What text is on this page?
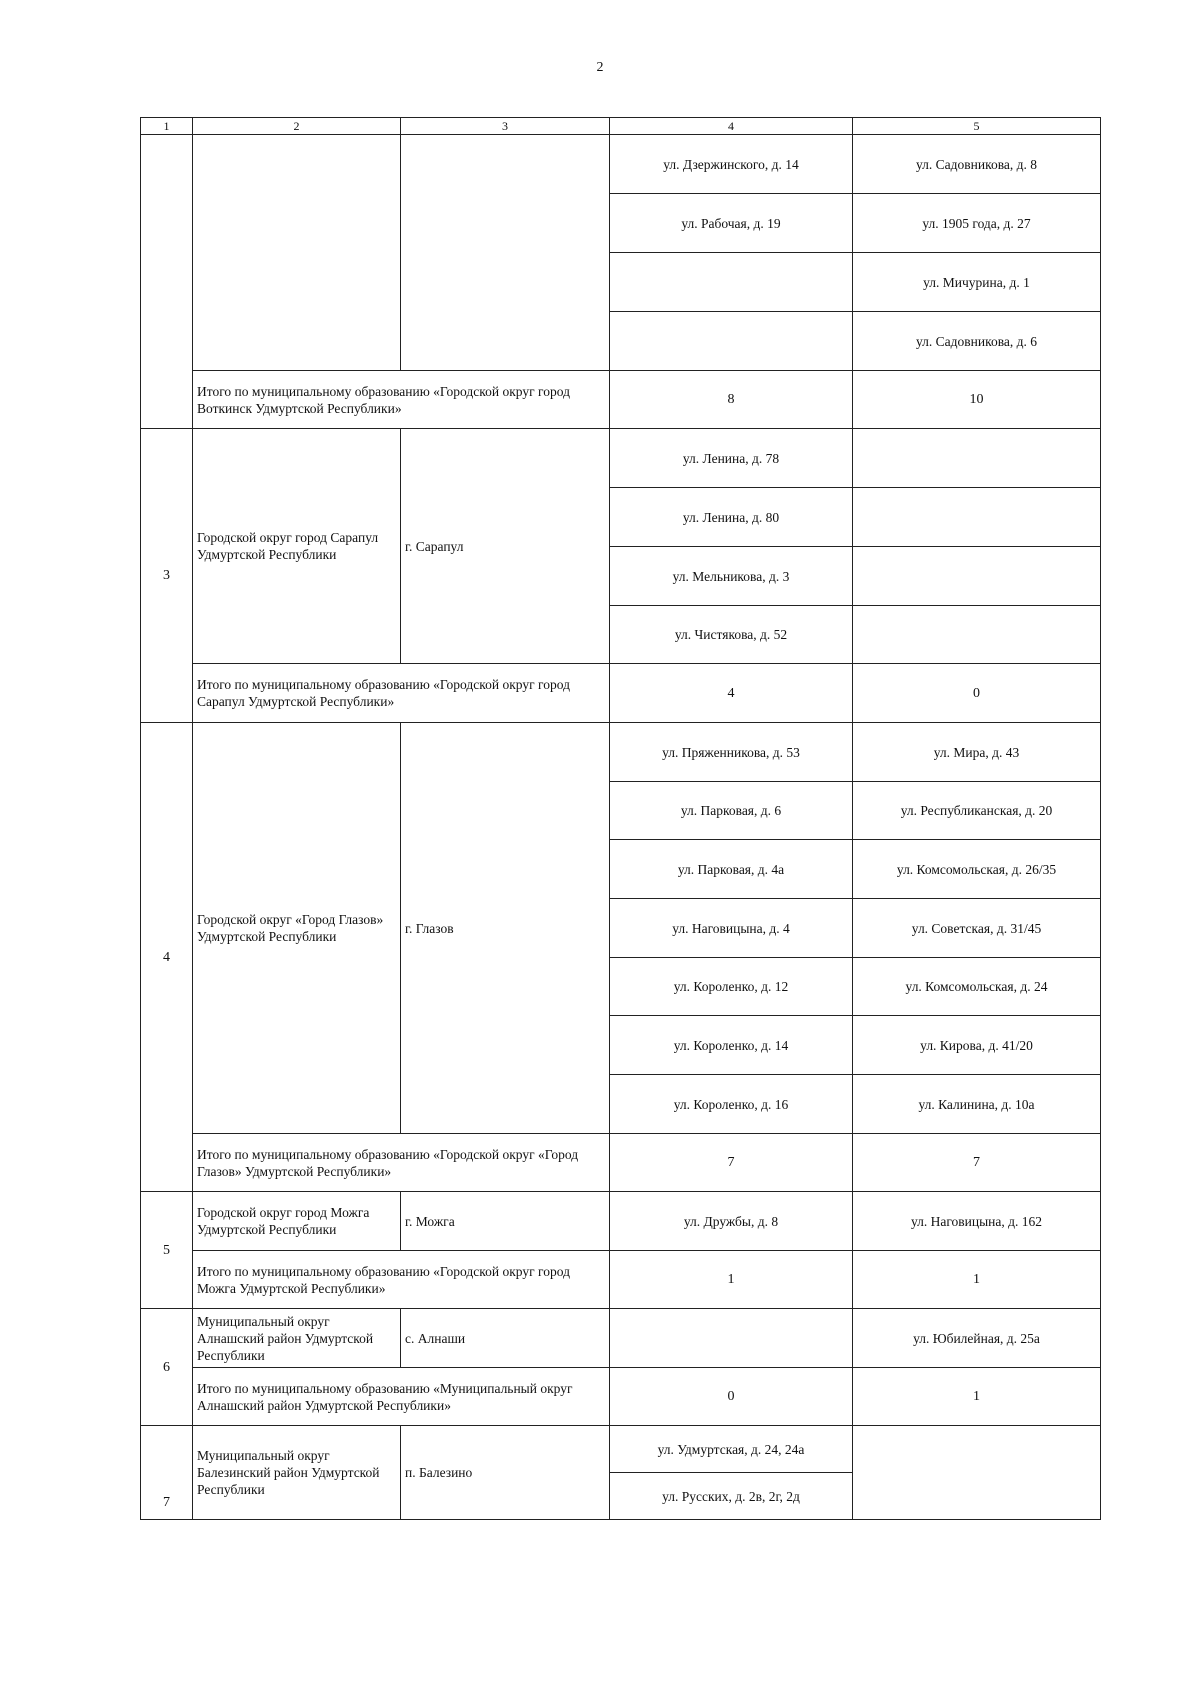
2
1	2	3	4	5
			ул. Дзержинского, д. 14	ул. Садовникова, д. 8
			ул. Рабочая, д. 19	ул. 1905 года, д. 27
				ул. Мичурина, д. 1
				ул. Садовникова, д. 6
	Итого по муниципальному образованию «Городской округ город Воткинск Удмуртской Республики»		8	10
3	Городской округ город Сарапул Удмуртской Республики	г. Сарапул	ул. Ленина, д. 78	
			ул. Ленина, д. 80	
			ул. Мельникова, д. 3	
			ул. Чистякова, д. 52	
	Итого по муниципальному образованию «Городской округ город Сарапул Удмуртской Республики»		4	0
4	Городской округ «Город Глазов» Удмуртской Республики	г. Глазов	ул. Пряженникова, д. 53	ул. Мира, д. 43
			ул. Парковая, д. 6	ул. Республиканская, д. 20
			ул. Парковая, д. 4а	ул. Комсомольская, д. 26/35
			ул. Наговицына, д. 4	ул. Советская, д. 31/45
			ул. Короленко, д. 12	ул. Комсомольская, д. 24
			ул. Короленко, д. 14	ул. Кирова, д. 41/20
			ул. Короленко, д. 16	ул. Калинина, д. 10а
	Итого по муниципальному образованию «Городской округ «Город Глазов» Удмуртской Республики»		7	7
5	Городской округ город Можга Удмуртской Республики	г. Можга	ул. Дружбы, д. 8	ул. Наговицына, д. 162
	Итого по муниципальному образованию «Городской округ город Можга Удмуртской Республики»		1	1
6	Муниципальный округ Алнашский район Удмуртской Республики	с. Алнаши		ул. Юбилейная, д. 25а
	Итого по муниципальному образованию «Муниципальный округ Алнашский район Удмуртской Республики»		0	1
7	Муниципальный округ Балезинский район Удмуртской Республики	п. Балезино	ул. Удмуртская, д. 24, 24а	
			ул. Русских, д. 2в, 2г, 2д	
